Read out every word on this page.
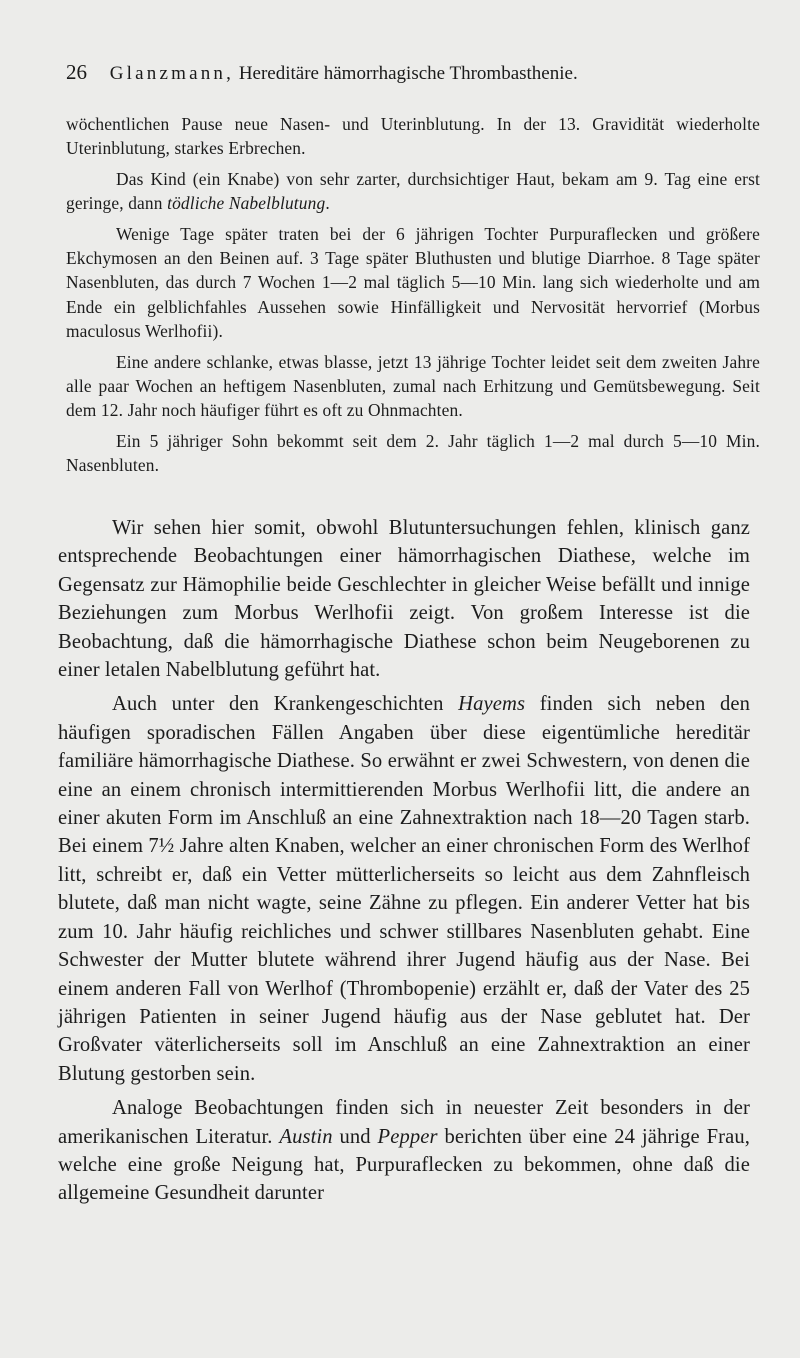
26 Glanzmann, Hereditäre hämorrhagische Thrombasthenie.

wöchentlichen Pause neue Nasen- und Uterinblutung. In der 13. Gravidität wiederholte Uterinblutung, starkes Erbrechen.

Das Kind (ein Knabe) von sehr zarter, durchsichtiger Haut, bekam am 9. Tag eine erst geringe, dann tödliche Nabelblutung.

Wenige Tage später traten bei der 6 jährigen Tochter Purpuraflecken und größere Ekchymosen an den Beinen auf. 3 Tage später Bluthusten und blutige Diarrhoe. 8 Tage später Nasenbluten, das durch 7 Wochen 1—2 mal täglich 5—10 Min. lang sich wiederholte und am Ende ein gelblichfahles Aussehen sowie Hinfälligkeit und Nervosität hervorrief (Morbus maculosus Werlhofii).

Eine andere schlanke, etwas blasse, jetzt 13 jährige Tochter leidet seit dem zweiten Jahre alle paar Wochen an heftigem Nasenbluten, zumal nach Erhitzung und Gemütsbewegung. Seit dem 12. Jahr noch häufiger führt es oft zu Ohnmachten.

Ein 5 jähriger Sohn bekommt seit dem 2. Jahr täglich 1—2 mal durch 5—10 Min. Nasenbluten.

Wir sehen hier somit, obwohl Blutuntersuchungen fehlen, klinisch ganz entsprechende Beobachtungen einer hämorrhagischen Diathese, welche im Gegensatz zur Hämophilie beide Geschlechter in gleicher Weise befällt und innige Beziehungen zum Morbus Werlhofii zeigt. Von großem Interesse ist die Beobachtung, daß die hämorrhagische Diathese schon beim Neugeborenen zu einer letalen Nabelblutung geführt hat.

Auch unter den Krankengeschichten Hayems finden sich neben den häufigen sporadischen Fällen Angaben über diese eigentümliche hereditär familiäre hämorrhagische Diathese. So erwähnt er zwei Schwestern, von denen die eine an einem chronisch intermittierenden Morbus Werlhofii litt, die andere an einer akuten Form im Anschluß an eine Zahnextraktion nach 18—20 Tagen starb. Bei einem 7½ Jahre alten Knaben, welcher an einer chronischen Form des Werlhof litt, schreibt er, daß ein Vetter mütterlicherseits so leicht aus dem Zahnfleisch blutete, daß man nicht wagte, seine Zähne zu pflegen. Ein anderer Vetter hat bis zum 10. Jahr häufig reichliches und schwer stillbares Nasenbluten gehabt. Eine Schwester der Mutter blutete während ihrer Jugend häufig aus der Nase. Bei einem anderen Fall von Werlhof (Thrombopenie) erzählt er, daß der Vater des 25 jährigen Patienten in seiner Jugend häufig aus der Nase geblutet hat. Der Großvater väterlicherseits soll im Anschluß an eine Zahnextraktion an einer Blutung gestorben sein.

Analoge Beobachtungen finden sich in neuester Zeit besonders in der amerikanischen Literatur. Austin und Pepper berichten über eine 24 jährige Frau, welche eine große Neigung hat, Purpuraflecken zu bekommen, ohne daß die allgemeine Gesundheit darunter
